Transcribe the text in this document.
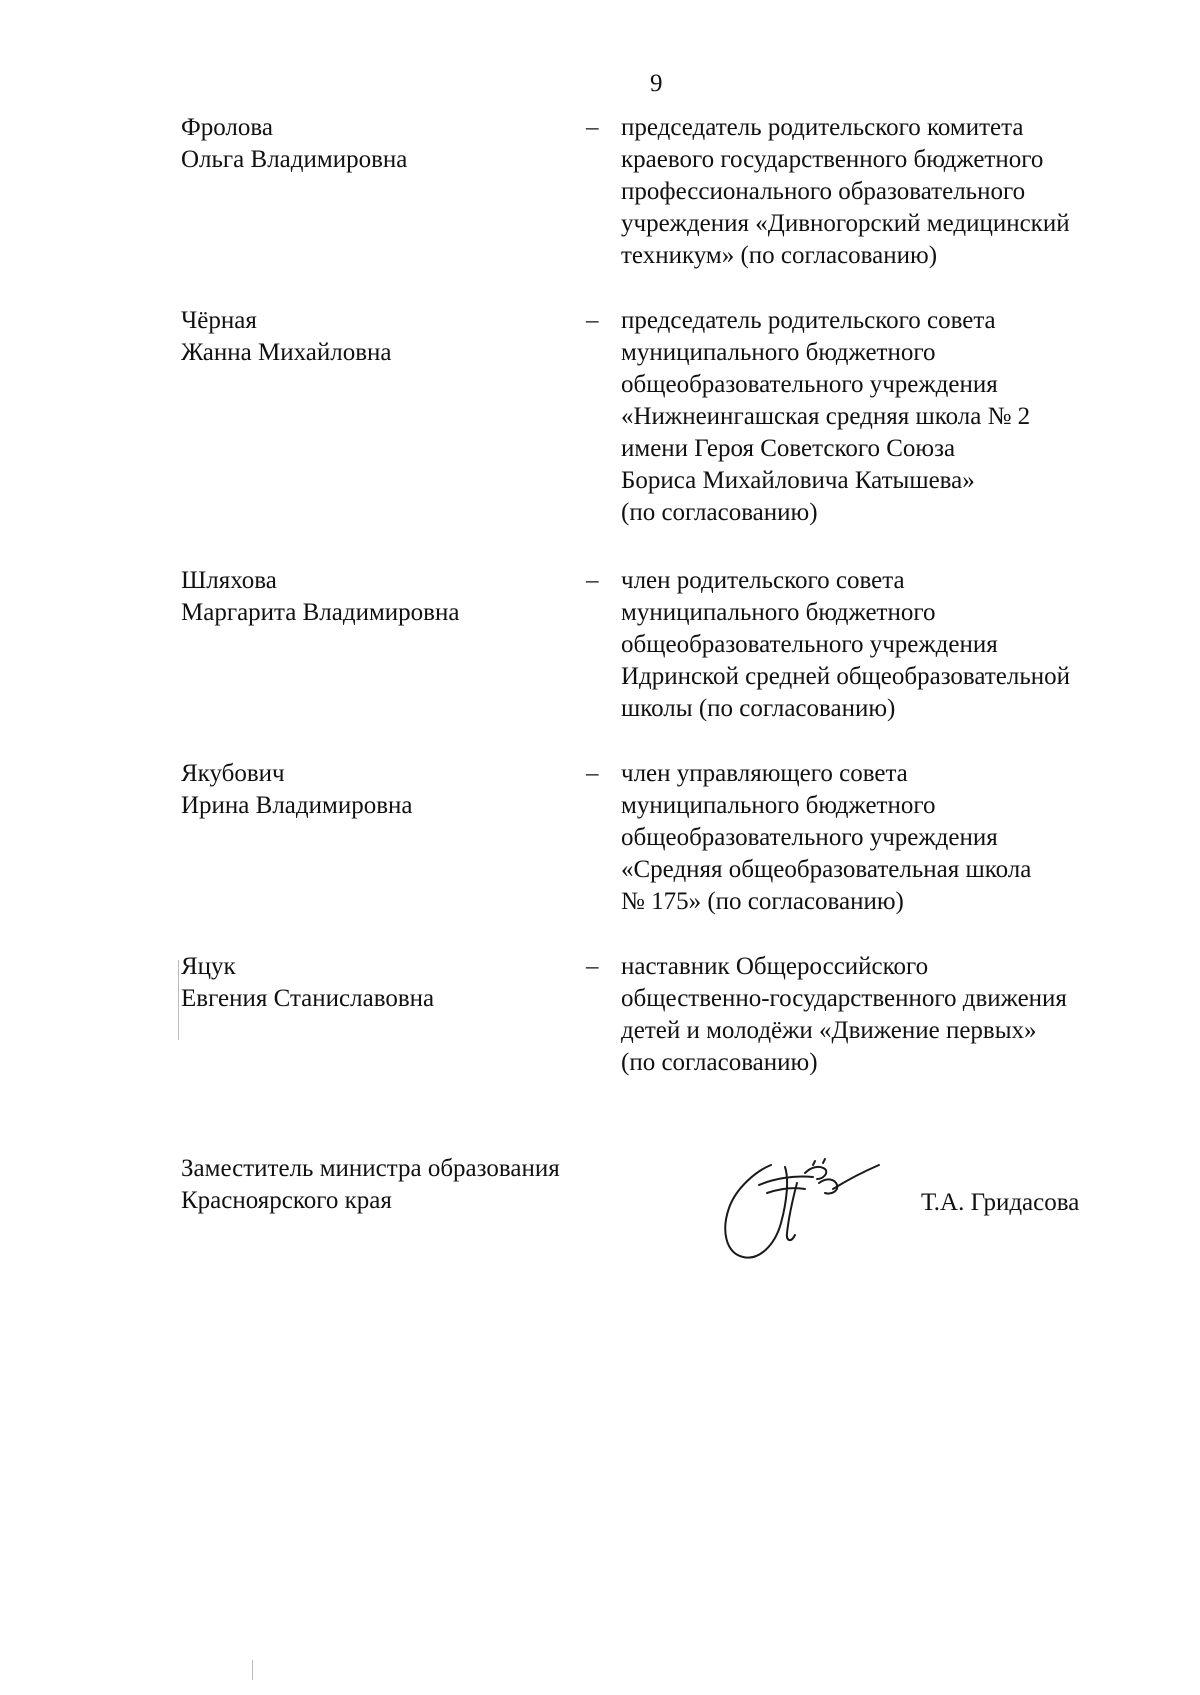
9
Фролова
Ольга Владимировна
– председатель родительского комитета
краевого государственного бюджетного
профессионального образовательного
учреждения «Дивногорский медицинский
техникум» (по согласованию)
Чёрная
Жанна Михайловна
– председатель родительского совета
муниципального бюджетного
общеобразовательного учреждения
«Нижнеингашская средняя школа № 2
имени Героя Советского Союза
Бориса Михайловича Катышева»
(по согласованию)
Шляхова
Маргарита Владимировна
– член родительского совета
муниципального бюджетного
общеобразовательного учреждения
Идринской средней общеобразовательной
школы (по согласованию)
Якубович
Ирина Владимировна
– член управляющего совета
муниципального бюджетного
общеобразовательного учреждения
«Средняя общеобразовательная школа
№ 175» (по согласованию)
Яцук
Евгения Станиславовна
– наставник Общероссийского
общественно-государственного движения
детей и молодёжи «Движение первых»
(по согласованию)
Заместитель министра образования
Красноярского края	Т.А. Гридасова
